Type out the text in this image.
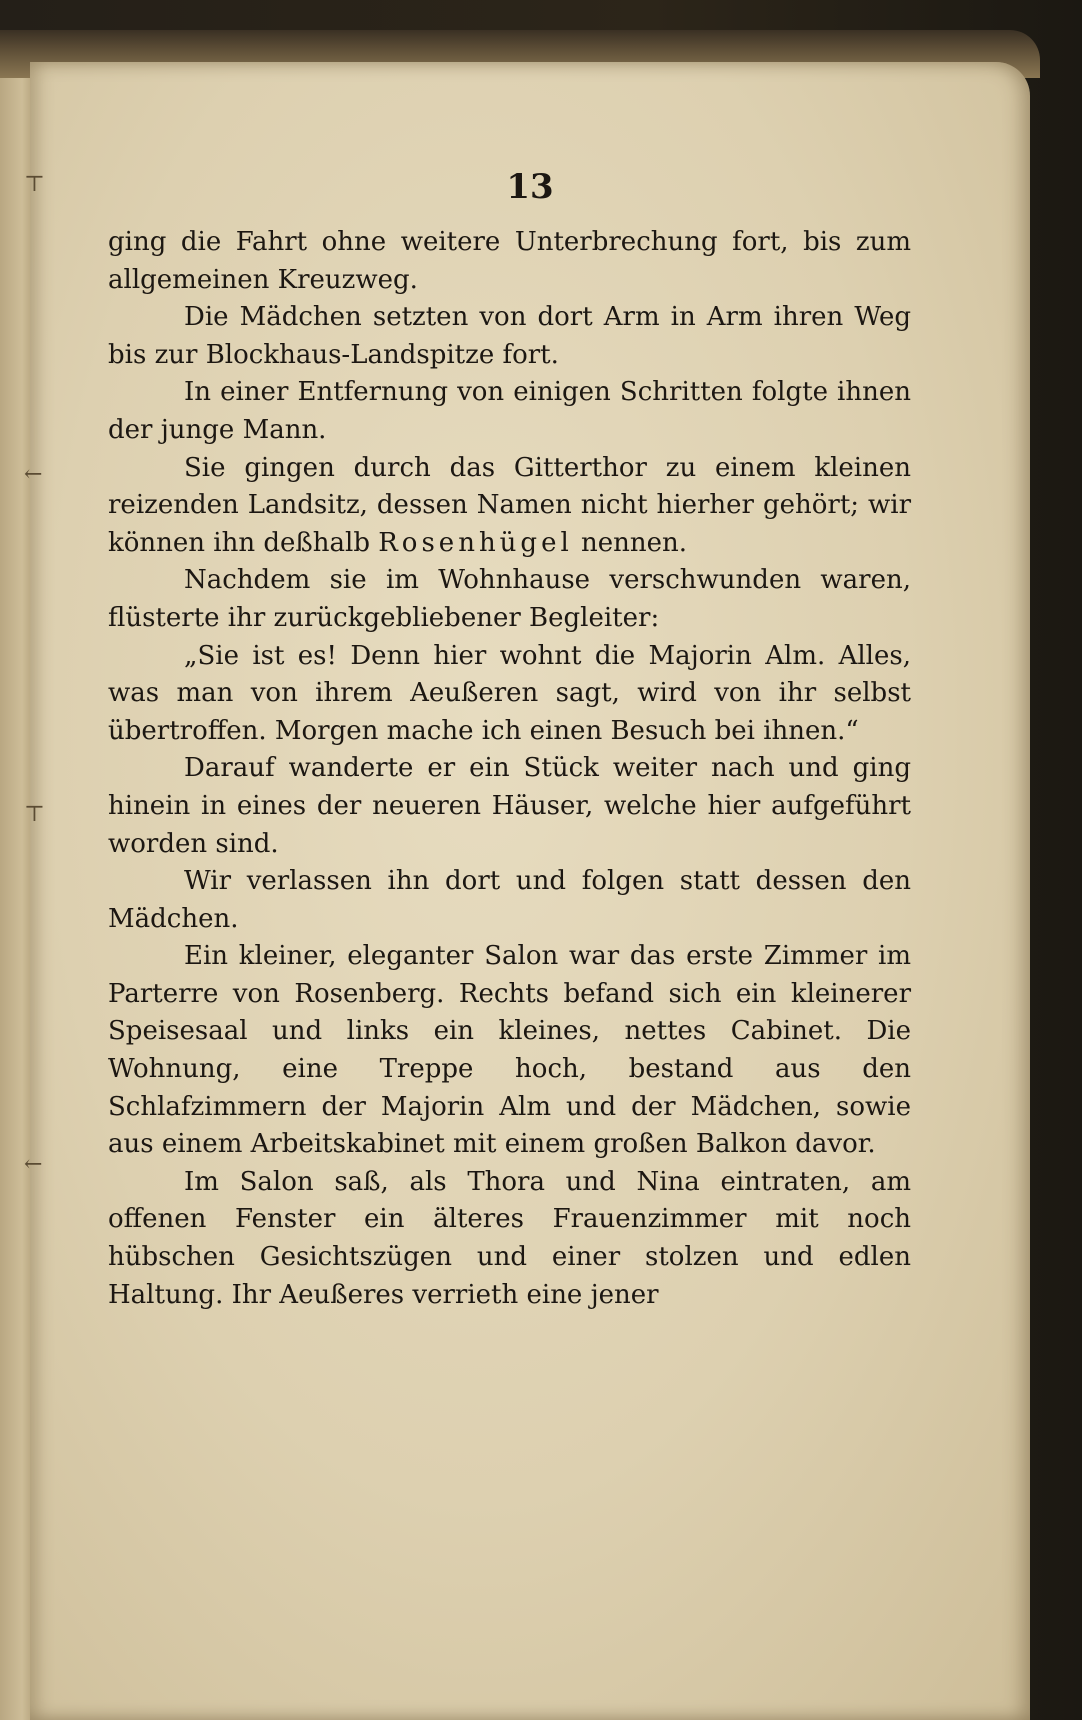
13
⊤
←
⊤
←

ging die Fahrt ohne weitere Unterbrechung fort, bis zum allgemeinen Kreuzweg.

Die Mädchen setzten von dort Arm in Arm ihren Weg bis zur Blockhaus-Landspitze fort.

In einer Entfernung von einigen Schritten folgte ihnen der junge Mann.

Sie gingen durch das Gitterthor zu einem kleinen reizenden Landsitz, dessen Namen nicht hierher gehört; wir können ihn deßhalb Rosenhügel nennen.

Nachdem sie im Wohnhause verschwunden waren, flüsterte ihr zurückgebliebener Begleiter:

„Sie ist es! Denn hier wohnt die Majorin Alm. Alles, was man von ihrem Aeußeren sagt, wird von ihr selbst übertroffen. Morgen mache ich einen Besuch bei ihnen.“

Darauf wanderte er ein Stück weiter nach und ging hinein in eines der neueren Häuser, welche hier aufgeführt worden sind.

Wir verlassen ihn dort und folgen statt dessen den Mädchen.

Ein kleiner, eleganter Salon war das erste Zimmer im Parterre von Rosenberg. Rechts befand sich ein kleinerer Speisesaal und links ein kleines, nettes Cabinet. Die Wohnung, eine Treppe hoch, bestand aus den Schlafzimmern der Majorin Alm und der Mädchen, sowie aus einem Arbeitskabinet mit einem großen Balkon davor.

Im Salon saß, als Thora und Nina eintraten, am offenen Fenster ein älteres Frauenzimmer mit noch hübschen Gesichtszügen und einer stolzen und edlen Haltung. Ihr Aeußeres verrieth eine jener
